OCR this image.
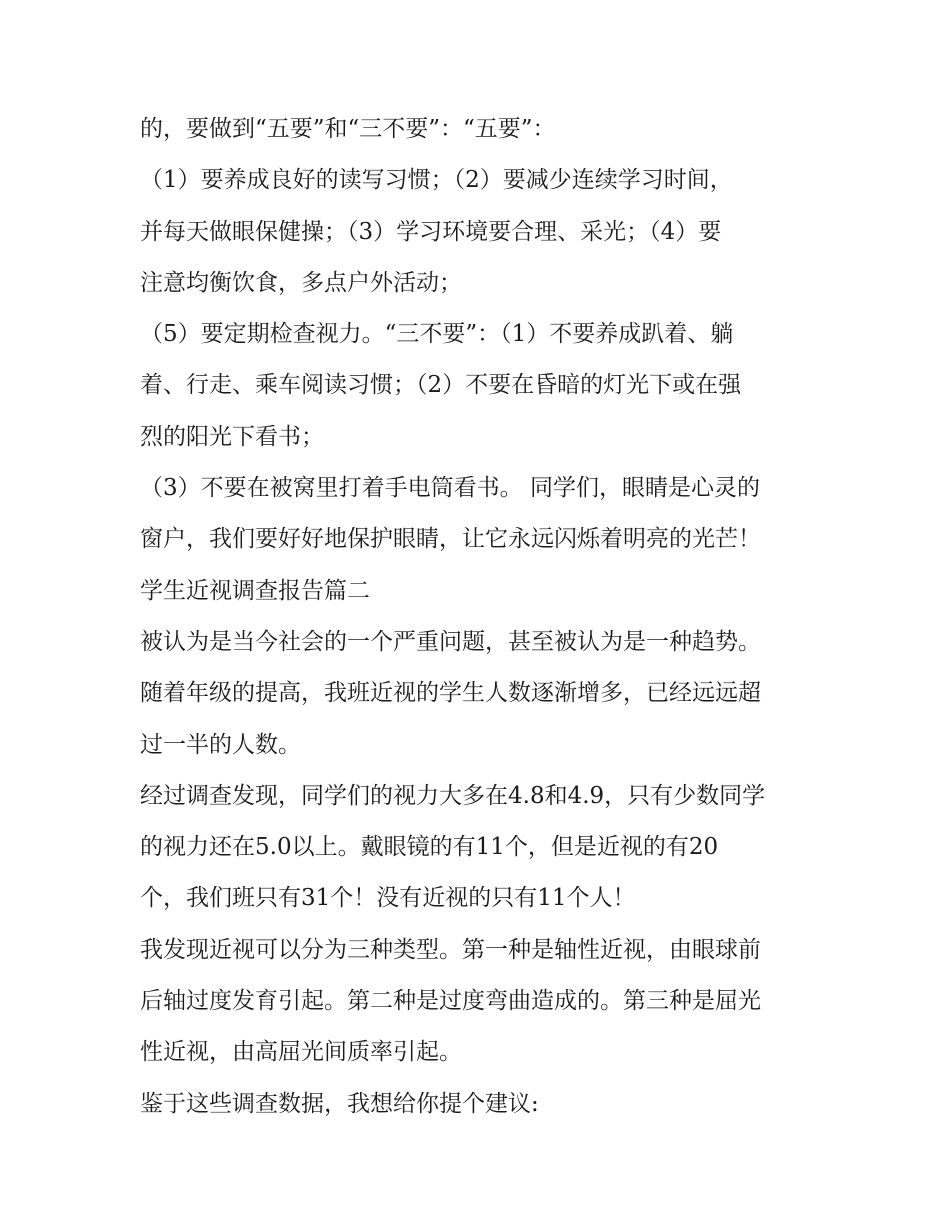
的，要做到“五要”和“三不要”：“五要”：
（1）要养成良好的读写习惯；（2）要减少连续学习时间，
并每天做眼保健操；（3）学习环境要合理、采光；（4）要
注意均衡饮食，多点户外活动；
（5）要定期检查视力。“三不要”：（1）不要养成趴着、躺
着、行走、乘车阅读习惯；（2）不要在昏暗的灯光下或在强
烈的阳光下看书；
（3）不要在被窝里打着手电筒看书。 同学们，眼睛是心灵的
窗户，我们要好好地保护眼睛，让它永远闪烁着明亮的光芒！
学生近视调查报告篇二
被认为是当今社会的一个严重问题，甚至被认为是一种趋势。
随着年级的提高，我班近视的学生人数逐渐增多，已经远远超
过一半的人数。
经过调查发现，同学们的视力大多在4.8和4.9，只有少数同学
的视力还在5.0以上。戴眼镜的有11个，但是近视的有20
个，我们班只有31个！没有近视的只有11个人！
我发现近视可以分为三种类型。第一种是轴性近视，由眼球前
后轴过度发育引起。第二种是过度弯曲造成的。第三种是屈光
性近视，由高屈光间质率引起。
鉴于这些调查数据，我想给你提个建议:
